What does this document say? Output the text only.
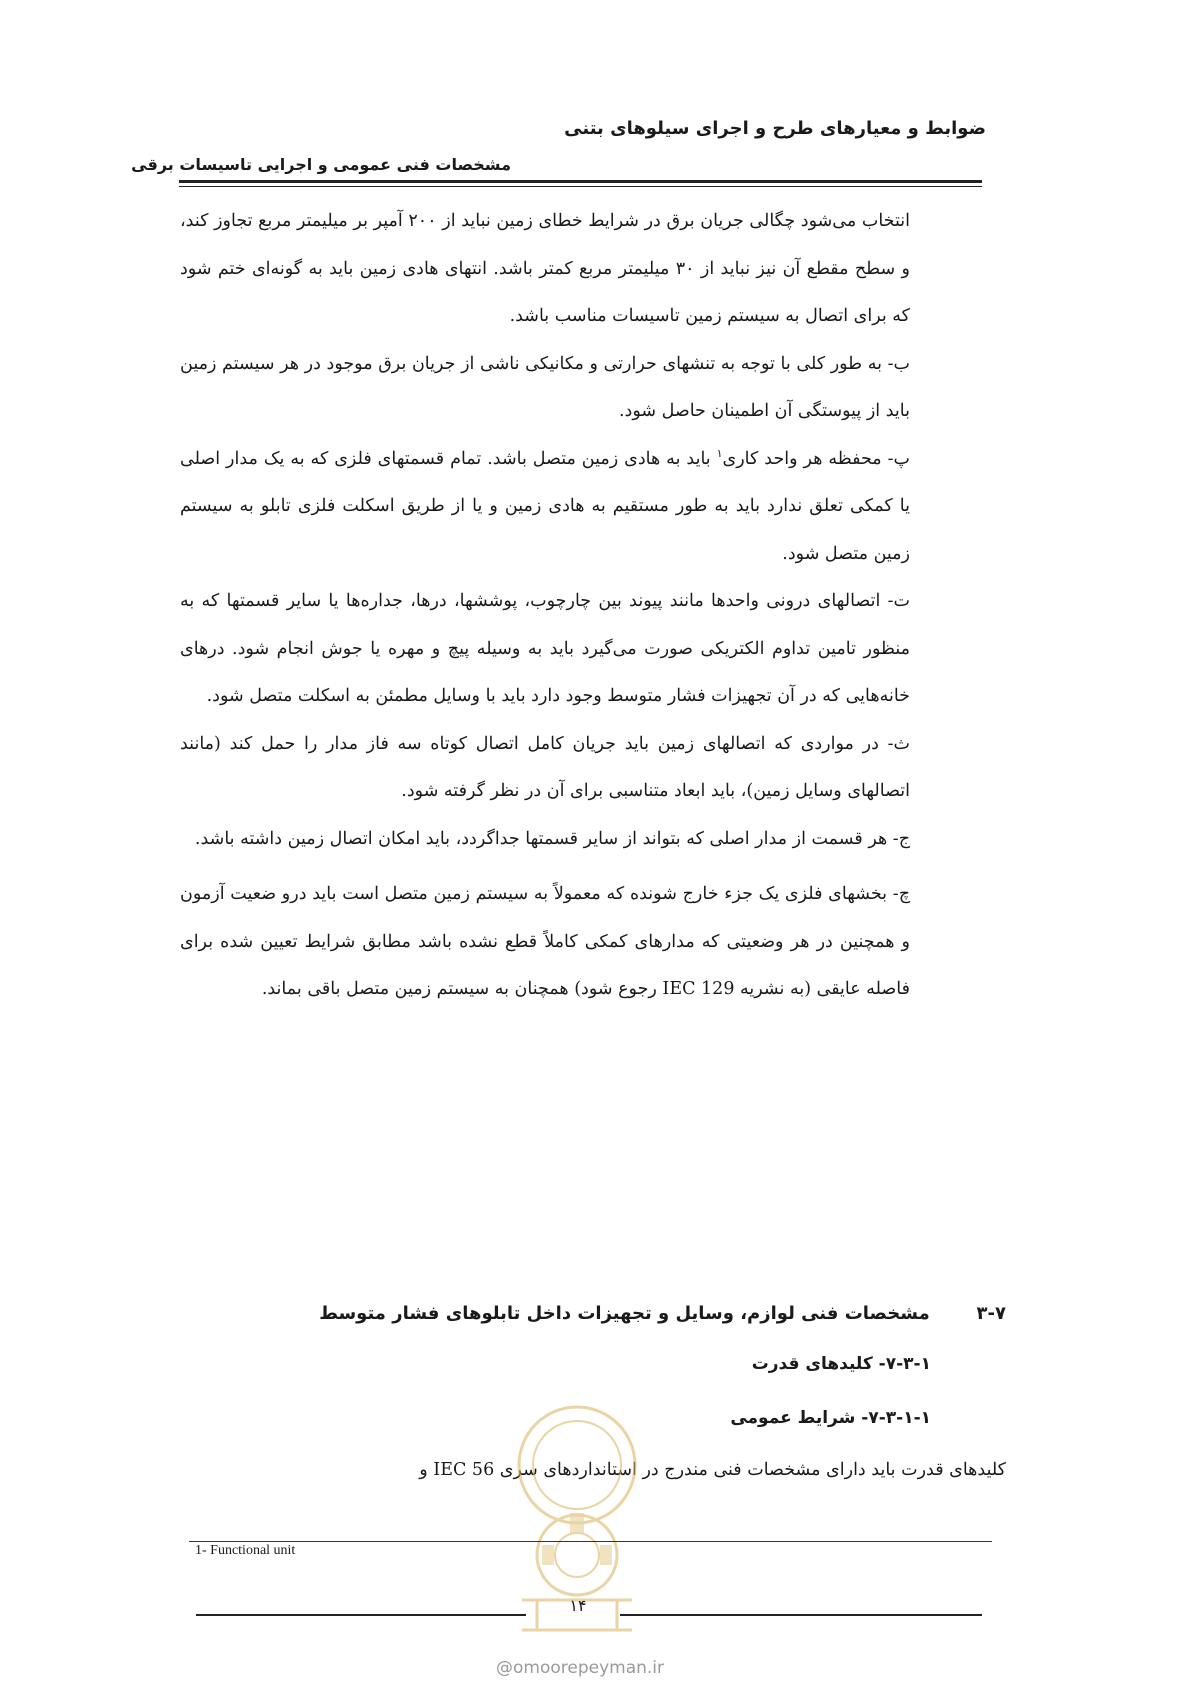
ضوابط و معیارهای طرح و اجرای سیلوهای بتنی
مشخصات فنی عمومی و اجرایی تاسیسات برقی

انتخاب می‌شود چگالی جریان برق در شرایط خطای زمین نباید از ۲۰۰ آمپر بر میلیمتر مربع تجاوز کند، و سطح مقطع آن نیز نباید از ۳۰ میلیمتر مربع کمتر باشد. انتهای هادی زمین باید به گونه‌ای ختم شود که برای اتصال به سیستم زمین تاسیسات مناسب باشد.

ب- به طور کلی با توجه به تنشهای حرارتی و مکانیکی ناشی از جریان برق موجود در هر سیستم زمین باید از پیوستگی آن اطمینان حاصل شود.

پ- محفظه هر واحد کاری$^۱$ باید به هادی زمین متصل باشد. تمام قسمتهای فلزی که به یک مدار اصلی یا کمکی تعلق ندارد باید به طور مستقیم به هادی زمین و یا از طریق اسکلت فلزی تابلو به سیستم زمین متصل شود.

ت- اتصالهای درونی واحدها مانند پیوند بین چارچوب، پوششها، درها، جداره‌ها یا سایر قسمتها که به منظور تامین تداوم الکتریکی صورت می‌گیرد باید به وسیله پیچ و مهره یا جوش انجام شود. درهای خانه‌هایی که در آن تجهیزات فشار متوسط وجود دارد باید با وسایل مطمئن به اسکلت متصل شود.

ث- در مواردی که اتصالهای زمین باید جریان کامل اتصال کوتاه سه فاز مدار را حمل کند (مانند اتصالهای وسایل زمین)، باید ابعاد متناسبی برای آن در نظر گرفته شود.

ج- هر قسمت از مدار اصلی که بتواند از سایر قسمتها جداگردد، باید امکان اتصال زمین داشته باشد.

چ- بخشهای فلزی یک جزء خارج شونده که معمولاً به سیستم زمین متصل است باید درو ضعیت آزمون و همچنین در هر وضعیتی که مدارهای کمکی کاملاً قطع نشده باشد مطابق شرایط تعیین شده برای فاصله عایقی (به نشریه IEC 129 رجوع شود) همچنان به سیستم زمین متصل باقی بماند.

۳-۷ مشخصات فنی لوازم، وسایل و تجهیزات داخل تابلوهای فشار متوسط
۷-۳-۱- کلیدهای قدرت
۷-۳-۱-۱- شرایط عمومی
کلیدهای قدرت باید دارای مشخصات فنی مندرج در استانداردهای سری IEC 56 و
1- Functional unit
۱۴
@omoorepeyman.ir
